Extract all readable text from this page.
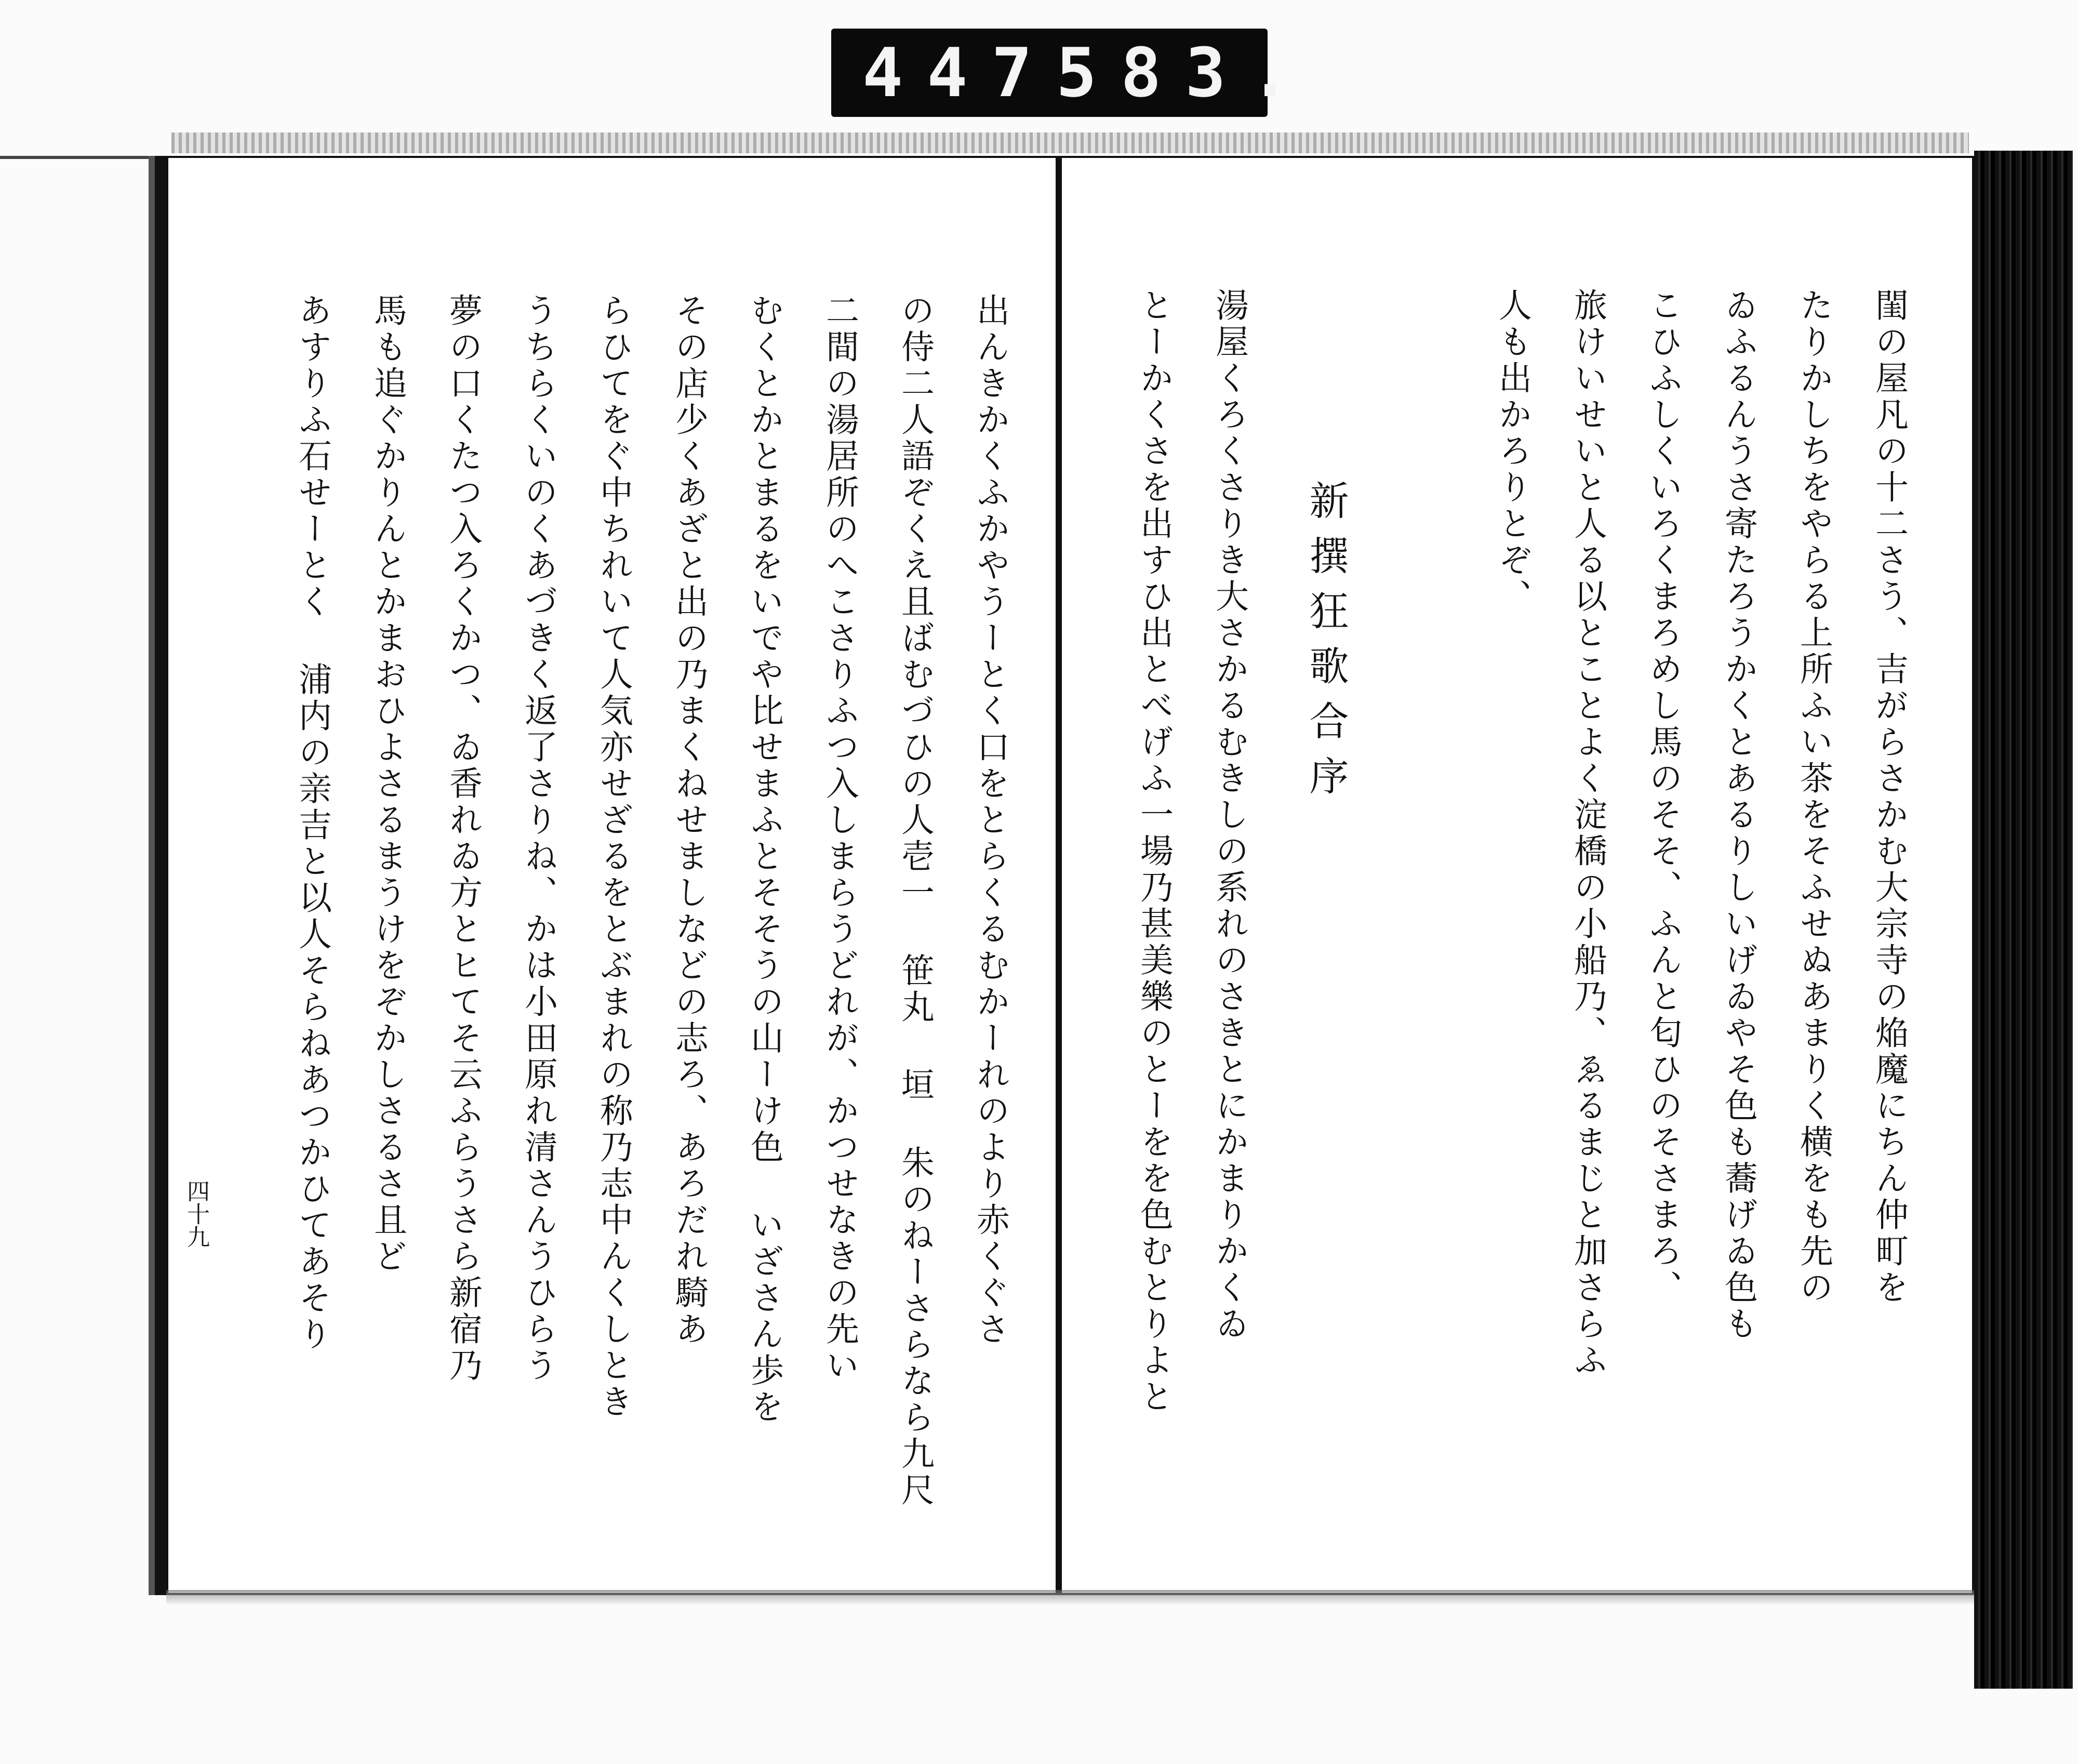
447 583.
出んきかくふかやうーとく口をとらくるむかーれのより赤くぐさ
の侍二人語ぞくえ且ばむづひの人壱一 笹丸 垣 朱のねーさらなら九尺
二間の湯居所のへこさりふつ入しまらうどれが、かつせなきの先い
むくとかとまるをいでや比せまふとそそうの山ーけ色 いざさん歩を
その店少くあざと出の乃まくねせましなどの志ろ、あろだれ騎あ
らひてをぐ中ちれいて人気亦せざるをとぶまれの称乃志中んくしとき
うちらくいのくあづきく返了さりね、かは小田原れ清さんうひらう
夢の口くたつ入ろくかつ、ゐ香れゐ方とヒてそ云ふらうさら新宿乃
馬も追ぐかりんとかまおひよさるまうけをぞかしさるさ且ど
あすりふ石せーとく 浦内の亲吉と以人そらねあつかひてあそり
四十九	閨の屋凡の十二さう、吉がらさかむ大宗寺の焔魔にちん仲町を
たりかしちをやらる上所ふい茶をそふせぬあまりく横をも先の
ゐふるんうさ寄たろうかくとあるりしいげゐやそ色も蕎げゐ色も
こひふしくいろくまろめし馬のそそ、ふんと匂ひのそさまろ、
旅けいせいと人る以とことよく淀橋の小船乃、ゑるまじと加さらふ
人も出かろりとぞ、
新撰狂歌合序
湯屋くろくさりき大さかるむきしの系れのさきとにかまりかくゐ
とーかくさを出すひ出とべげふ一場乃甚美樂のとーをを色むとりよと
